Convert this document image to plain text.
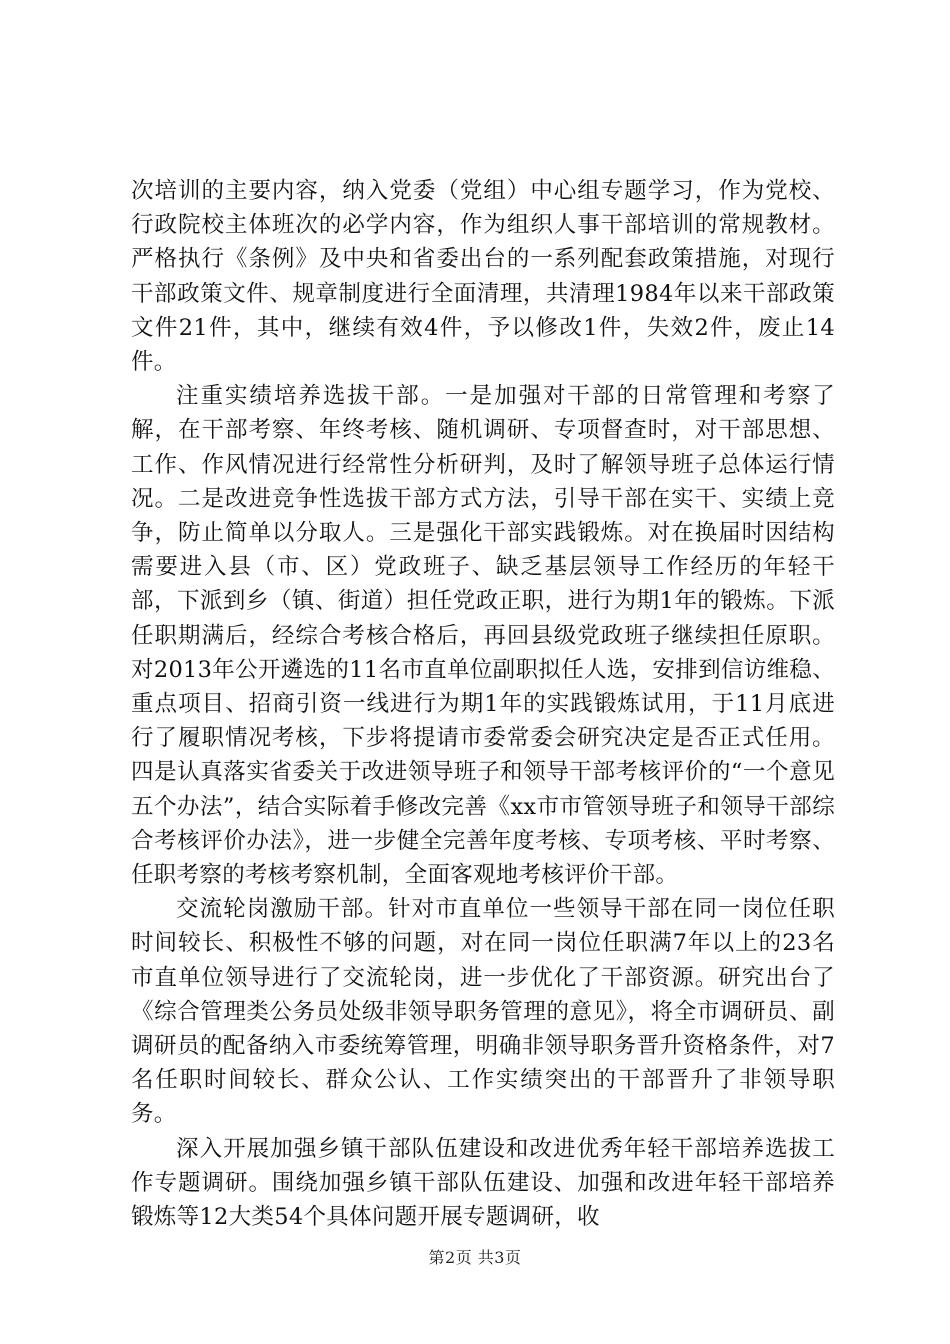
次培训的主要内容，纳入党委（党组）中心组专题学习，作为党校、行政院校主体班次的必学内容，作为组织人事干部培训的常规教材。严格执行《条例》及中央和省委出台的一系列配套政策措施，对现行干部政策文件、规章制度进行全面清理，共清理1984年以来干部政策文件21件，其中，继续有效4件，予以修改1件，失效2件，废止14件。

注重实绩培养选拔干部。一是加强对干部的日常管理和考察了解，在干部考察、年终考核、随机调研、专项督查时，对干部思想、工作、作风情况进行经常性分析研判，及时了解领导班子总体运行情况。二是改进竞争性选拔干部方式方法，引导干部在实干、实绩上竞争，防止简单以分取人。三是强化干部实践锻炼。对在换届时因结构需要进入县（市、区）党政班子、缺乏基层领导工作经历的年轻干部，下派到乡（镇、街道）担任党政正职，进行为期1年的锻炼。下派任职期满后，经综合考核合格后，再回县级党政班子继续担任原职。对2013年公开遴选的11名市直单位副职拟任人选，安排到信访维稳、重点项目、招商引资一线进行为期1年的实践锻炼试用，于11月底进行了履职情况考核，下步将提请市委常委会研究决定是否正式任用。四是认真落实省委关于改进领导班子和领导干部考核评价的“一个意见五个办法”，结合实际着手修改完善《xx市市管领导班子和领导干部综合考核评价办法》，进一步健全完善年度考核、专项考核、平时考察、任职考察的考核考察机制，全面客观地考核评价干部。

交流轮岗激励干部。针对市直单位一些领导干部在同一岗位任职时间较长、积极性不够的问题，对在同一岗位任职满7年以上的23名市直单位领导进行了交流轮岗，进一步优化了干部资源。研究出台了《综合管理类公务员处级非领导职务管理的意见》，将全市调研员、副调研员的配备纳入市委统筹管理，明确非领导职务晋升资格条件，对7名任职时间较长、群众公认、工作实绩突出的干部晋升了非领导职务。

深入开展加强乡镇干部队伍建设和改进优秀年轻干部培养选拔工作专题调研。围绕加强乡镇干部队伍建设、加强和改进年轻干部培养锻炼等12大类54个具体问题开展专题调研，收

第2页 共3页
